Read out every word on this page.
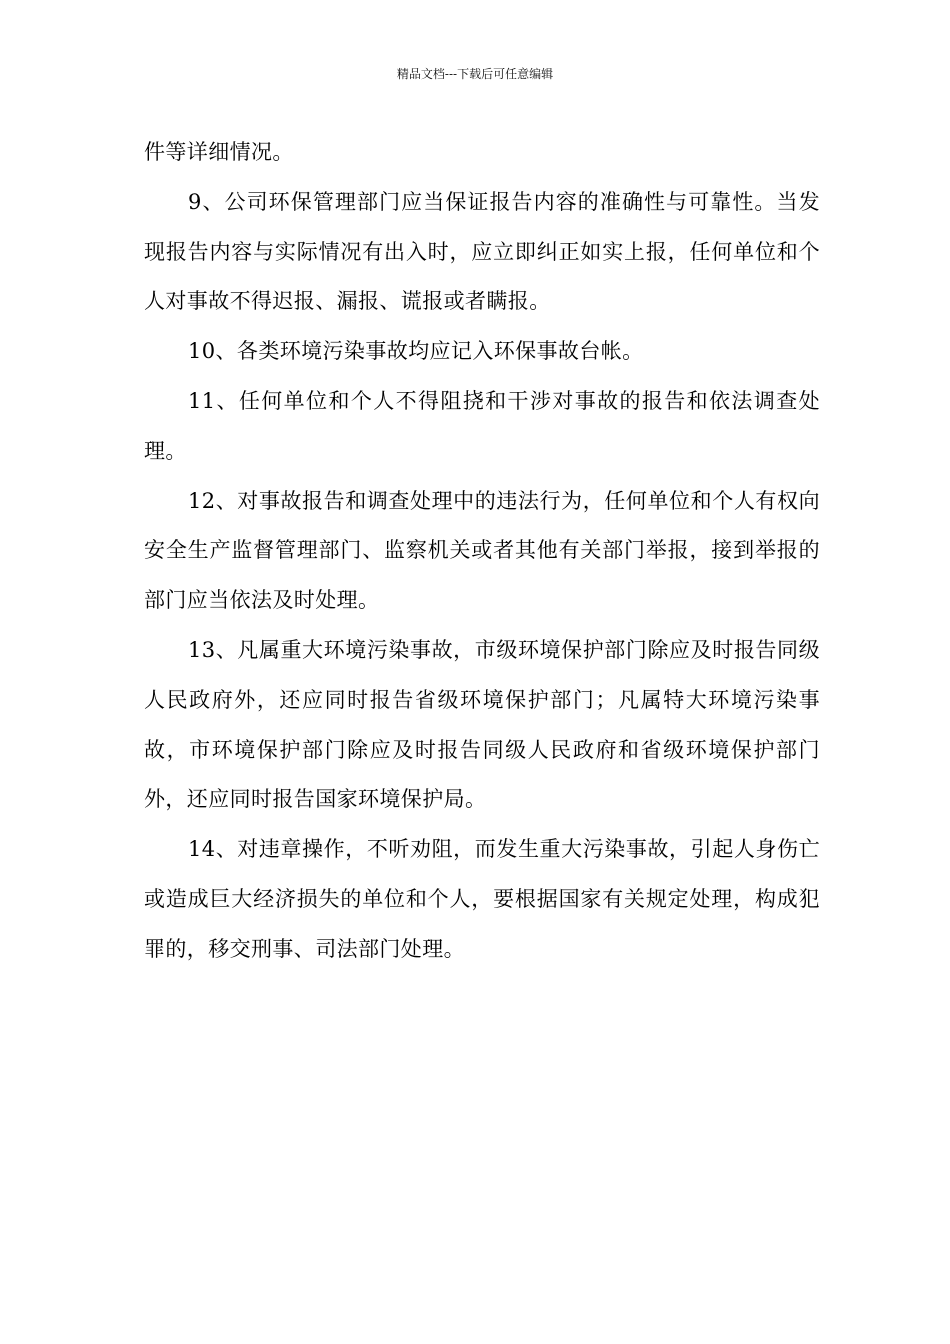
精品文档---下载后可任意编辑

件等详细情况。

9、公司环保管理部门应当保证报告内容的准确性与可靠性。当发现报告内容与实际情况有出入时，应立即纠正如实上报，任何单位和个人对事故不得迟报、漏报、谎报或者瞒报。

10、各类环境污染事故均应记入环保事故台帐。

11、任何单位和个人不得阻挠和干涉对事故的报告和依法调查处理。

12、对事故报告和调查处理中的违法行为，任何单位和个人有权向安全生产监督管理部门、监察机关或者其他有关部门举报，接到举报的部门应当依法及时处理。

13、凡属重大环境污染事故，市级环境保护部门除应及时报告同级人民政府外，还应同时报告省级环境保护部门；凡属特大环境污染事故，市环境保护部门除应及时报告同级人民政府和省级环境保护部门外，还应同时报告国家环境保护局。

14、对违章操作，不听劝阻，而发生重大污染事故，引起人身伤亡或造成巨大经济损失的单位和个人，要根据国家有关规定处理，构成犯罪的，移交刑事、司法部门处理。
